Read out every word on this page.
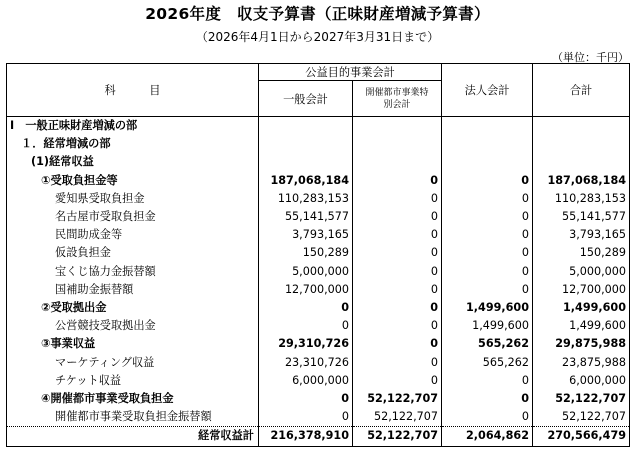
2026年度　収支予算書（正味財産増減予算書）
（2026年4月1日から2027年3月31日まで）
（単位：千円）
科　　　目	公益目的事業会計		法人会計	合計
	一般会計	開催都市事業特別会計		
Ⅰ　一般正味財産増減の部				
１．経常増減の部				
(1)経常収益				
①受取負担金等	187,068,184	0	0	187,068,184
愛知県受取負担金	110,283,153	0	0	110,283,153
名古屋市受取負担金	55,141,577	0	0	55,141,577
民間助成金等	3,793,165	0	0	3,793,165
仮設負担金	150,289	0	0	150,289
宝くじ協力金振替額	5,000,000	0	0	5,000,000
国補助金振替額	12,700,000	0	0	12,700,000
②受取拠出金	0	0	1,499,600	1,499,600
公営競技受取拠出金	0	0	1,499,600	1,499,600
③事業収益	29,310,726	0	565,262	29,875,988
マーケティング収益	23,310,726	0	565,262	23,875,988
チケット収益	6,000,000	0	0	6,000,000
④開催都市事業受取負担金	0	52,122,707	0	52,122,707
開催都市事業受取負担金振替額	0	52,122,707	0	52,122,707
経常収益計	216,378,910	52,122,707	2,064,862	270,566,479
